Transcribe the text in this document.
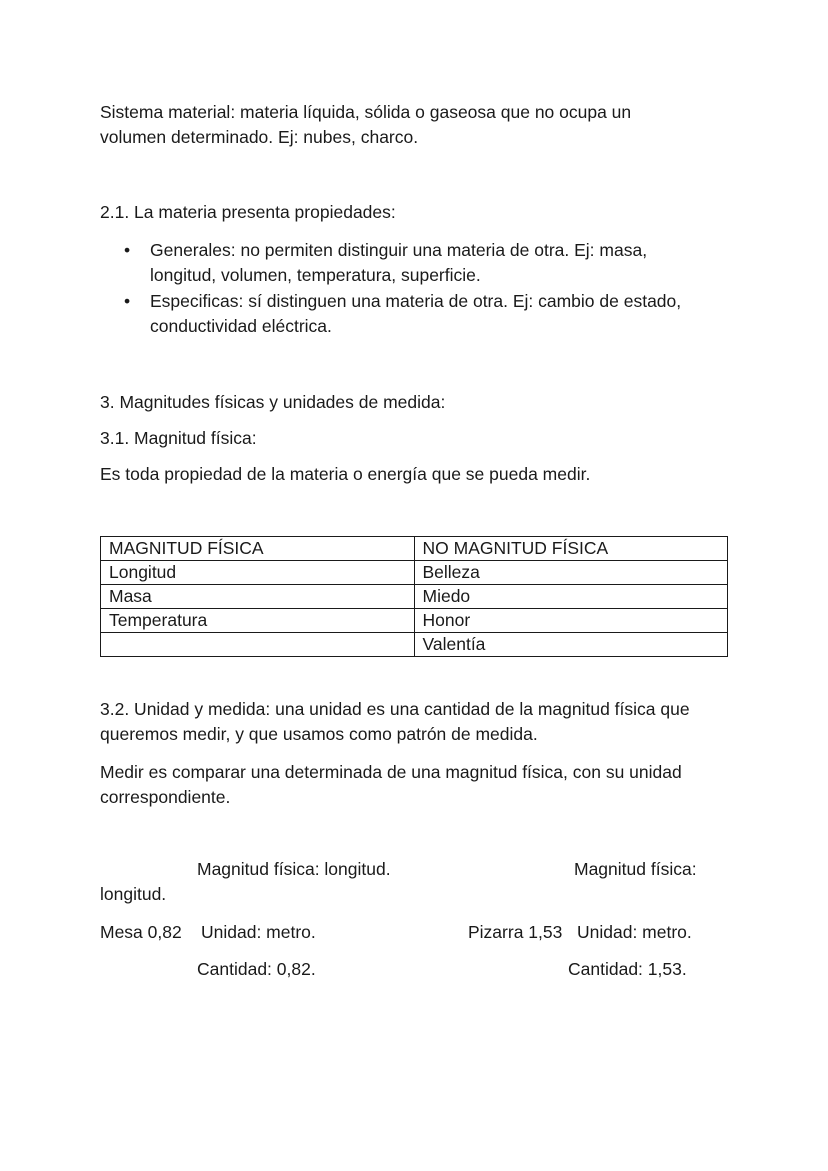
Sistema material: materia líquida, sólida o gaseosa que no ocupa un
volumen determinado. Ej: nubes, charco.

2.1. La materia presenta propiedades:

• Generales: no permiten distinguir una materia de otra. Ej: masa,
longitud, volumen, temperatura, superficie.
• Especificas: sí distinguen una materia de otra. Ej: cambio de estado,
conductividad eléctrica.

3. Magnitudes físicas y unidades de medida:

3.1. Magnitud física:

Es toda propiedad de la materia o energía que se pueda medir.

MAGNITUD FÍSICA	NO MAGNITUD FÍSICA
Longitud	Belleza
Masa	Miedo
Temperatura	Honor
	Valentía

3.2. Unidad y medida: una unidad es una cantidad de la magnitud física que
queremos medir, y que usamos como patrón de medida.

Medir es comparar una determinada de una magnitud física, con su unidad
correspondiente.

Magnitud física: longitud.	Magnitud física:

longitud.

Mesa 0,82 Unidad: metro.	Pizarra 1,53 Unidad: metro.

Cantidad: 0,82.	Cantidad: 1,53.
